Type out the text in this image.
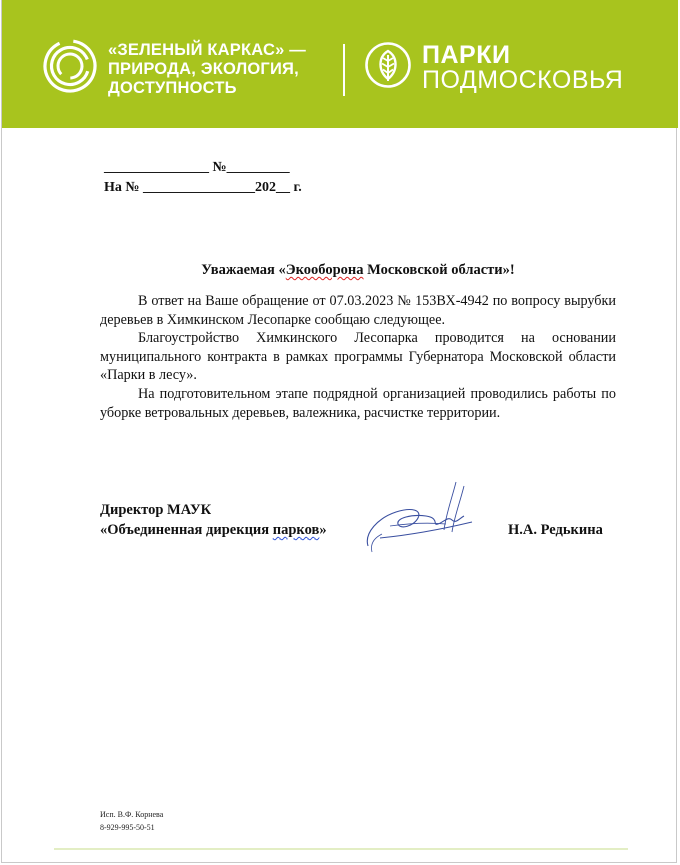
«ЗЕЛЕНЫЙ КАРКАС» —
ПРИРОДА, ЭКОЛОГИЯ,
ДОСТУПНОСТЬ
ПАРКИ
ПОДМОСКОВЬЯ
_______________ №_________
На № ________________202__ г.
Уважаемая «Экооборона Московской области»!

В ответ на Ваше обращение от 07.03.2023 № 153ВХ-4942 по вопросу вырубки деревьев в Химкинском Лесопарке сообщаю следующее.

Благоустройство Химкинского Лесопарка проводится на основании муниципального контракта в рамках программы Губернатора Московской области «Парки в лесу».

На подготовительном этапе подрядной организацией проводились работы по уборке ветровальных деревьев, валежника, расчистке территории.

Директор МАУК
«Объединенная дирекция парков»	Н.А. Редькина
Исп. В.Ф. Корнева
8-929-995-50-51
